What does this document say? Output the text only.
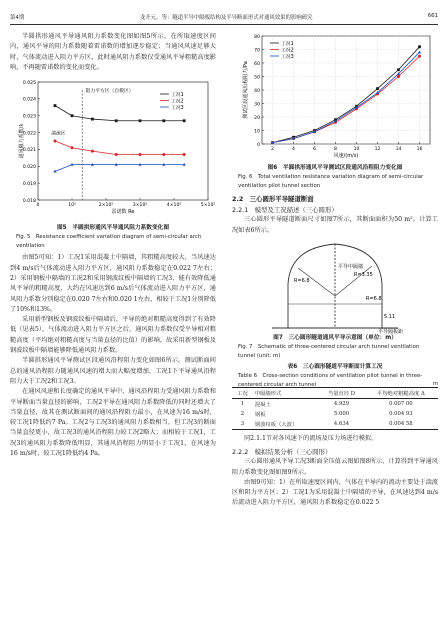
第4期	龙开元，等：隧道半导中隔板结构及半导断面形式对通风效果的影响研究	661

半圆拱形通风平导通风阻力系数变化图如图5所示。在所取速度区间内，通风平导的阻力系数随着雷诺数的增加逐步稳定；当通风风速足够大时，气体流动进入阻力平方区，此时通风阻力系数仅受通风平导粗糙高度影响，不再随雷诺数的变化而变化。

0.018
0.019
0.020
0.021
0.022
0.023
0.024
0.025
0	10⁵	2×10⁵	3×10⁵	4×10⁵	5×10⁵
雷诺数 Re
通风阻力系数/λ
工况1
工况2
工况3
湍流区
阻力平方区（自模区）

图5　半圆拱形通风平导通风阻力系数变化图

Fig. 5　Resistance coefficient variation diagram of semi-circular arch ventilation

由图5可知：1）工况1采用混凝土中隔墙，其粗糙高度较大，当风速达到4 m/s后气体流动进入阻力平方区，通风阻力系数稳定在0.022 7左右；2）采用钢板中隔墙的工况2和采用钢波纹板中隔墙的工况3，能有效降低通风平导的粗糙高度，大约在风速达到6 m/s后气体流动进入阻力平方区，通风阻力系数分别稳定在0.020 7左右和0.020 1左右，相较于工况1分别降低了10%和13%。

采用新型钢板及钢波纹板中隔墙后，平导的绝对粗糙高度得到了有效降低（见表5），气体流动进入阻力平方区之后，通风阻力系数仅受平导相对粗糙高度（平均绝对粗糙高度与当量直径的比值）的影响，故采用新型钢板及钢波纹板中隔墙能够降低通风阻力系数。

半圆拱形通风平导测试区段通风沿程阻力变化如图6所示。测试断面间总的通风沿程阻力随通风风速的增大而大幅度增加，工况1下平导通风沿程阻力大于工况2和工况3。

在通风风速和长度确定的通风平导中，通风沿程阻力受通风阻力系数和平导断面当量直径的影响，工况2平导在通风阻力系数降低的同时还增大了当量直径，故其在测试断面间的通风沿程阻力最小，在风速为16 m/s时，较工况1降低约7 Pa。工况2与工况3的通风阻力系数相当，但工况3的断面当量直径更小，故工况3的通风沿程阻力较工况2略大；而相较于工况1，工况3的通风阻力系数降低明显，其通风沿程阻力明显小于工况1，在风速为16 m/s时，较工况1降低约4 Pa。

0
10
20
30
40
50
60
70
80
2	4	6	8	10	12	14	16
风速/(m/s)
测试区段通风沿程阻力/Pa
工况1
工况2
工况3

图6　半圆拱形通风平导测试区段通风沿程阻力变化图

Fig. 6　Total ventilation resistance variation diagram of semi-circular ventilation pilot tunnel section

2.2　三心圆形平导隧道断面

2.2.1　模型及工况描述（三心圆形）

三心圆形平导隧道断面尺寸如图7所示，其断面面积为50 m²。计算工况如表6所示。

平导中隔墙
R=3.35
R=6.8
R=6.8
5.11
平导隔板距

图7　三心圆形隧道通风平导示意图（单位：m）

Fig. 7　Schematic of three-centered circular arch tunnel ventilation tunnel (unit: m)

表6　三心圆形隧道平导断面计算工况

Table 6　Cross-section conditions of ventilation pilot tunnel in three-centered circular arch tunnel	m
工况	中隔墙形式	当量直径 D	平均绝对粗糙高度 Δ
1	混凝土	4.929	0.007 00
2	钢板	5.000	0.004 93
3	钢波纹板（大波）	4.634	0.004 58

同2.1.1节对各风速下的流场及压力场进行模拟。

2.2.2　模拟结果分析（三心圆形）

三心圆形通风平导工况3断面全压值云图如图8所示，计算得到平导通风阻力系数变化图如图9所示。

由图9可知：1）在所取速度区间内，气体在平导内的流动主要处于湍流区和阻力平方区；2）工况1为采用混凝土中隔墙的平导，在风速达到4 m/s后流动进入阻力平方区，通风阻力系数稳定在0.022 5
